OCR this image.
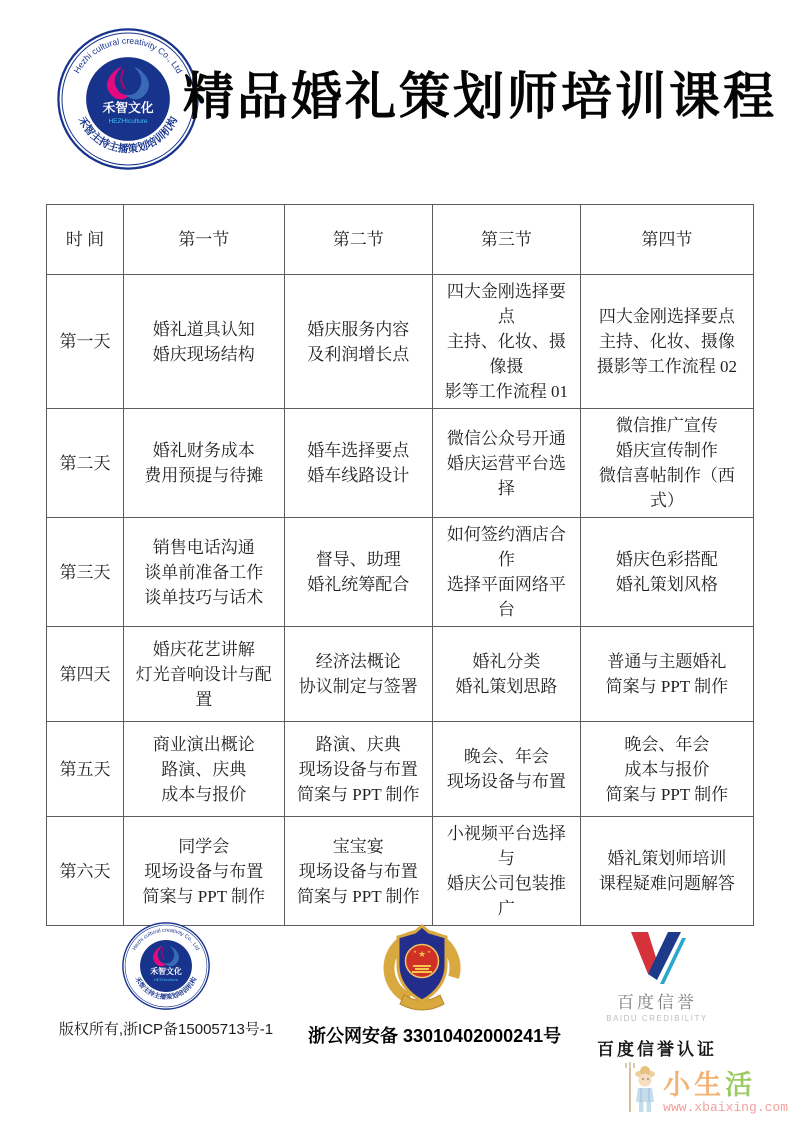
Hezhi cultural creativity Co., Ltd
禾智主持主播策划培训机构
禾智文化
HEZHIculture 精品婚礼策划师培训课程
时 间	第一节	第二节	第三节	第四节
第一天	
婚礼道具认知
婚庆现场结构

婚庆服务内容
及利润增长点

四大金刚选择要点
主持、化妆、摄像摄
影等工作流程 01

四大金刚选择要点
主持、化妆、摄像
摄影等工作流程 02

第二天	
婚礼财务成本
费用预提与待摊

婚车选择要点
婚车线路设计

微信公众号开通
婚庆运营平台选择

微信推广宣传
婚庆宣传制作
微信喜帖制作（西式）

第三天	
销售电话沟通
谈单前准备工作
谈单技巧与话术

督导、助理
婚礼统筹配合

如何签约酒店合作
选择平面网络平台

婚庆色彩搭配
婚礼策划风格

第四天	
婚庆花艺讲解
灯光音响设计与配置

经济法概论
协议制定与签署

婚礼分类
婚礼策划思路

普通与主题婚礼
简案与 PPT 制作

第五天	
商业演出概论
路演、庆典
成本与报价

路演、庆典
现场设备与布置
简案与 PPT 制作

晚会、年会
现场设备与布置

晚会、年会
成本与报价
简案与 PPT 制作

第六天	
同学会
现场设备与布置
简案与 PPT 制作

宝宝宴
现场设备与布置
简案与 PPT 制作

小视频平台选择与
婚庆公司包装推广

婚礼策划师培训
课程疑难问题解答
Hezhi cultural creativity Co., Ltd
禾智主持主播策划培训机构
禾智文化
HEZHIculture
版权所有,浙ICP备15005713号-1
★
★	★
浙公网安备 33010402000241号
百度信誉
BAIDU CREDIBILITY
百度信誉认证
小生活
www.xbaixing.com
